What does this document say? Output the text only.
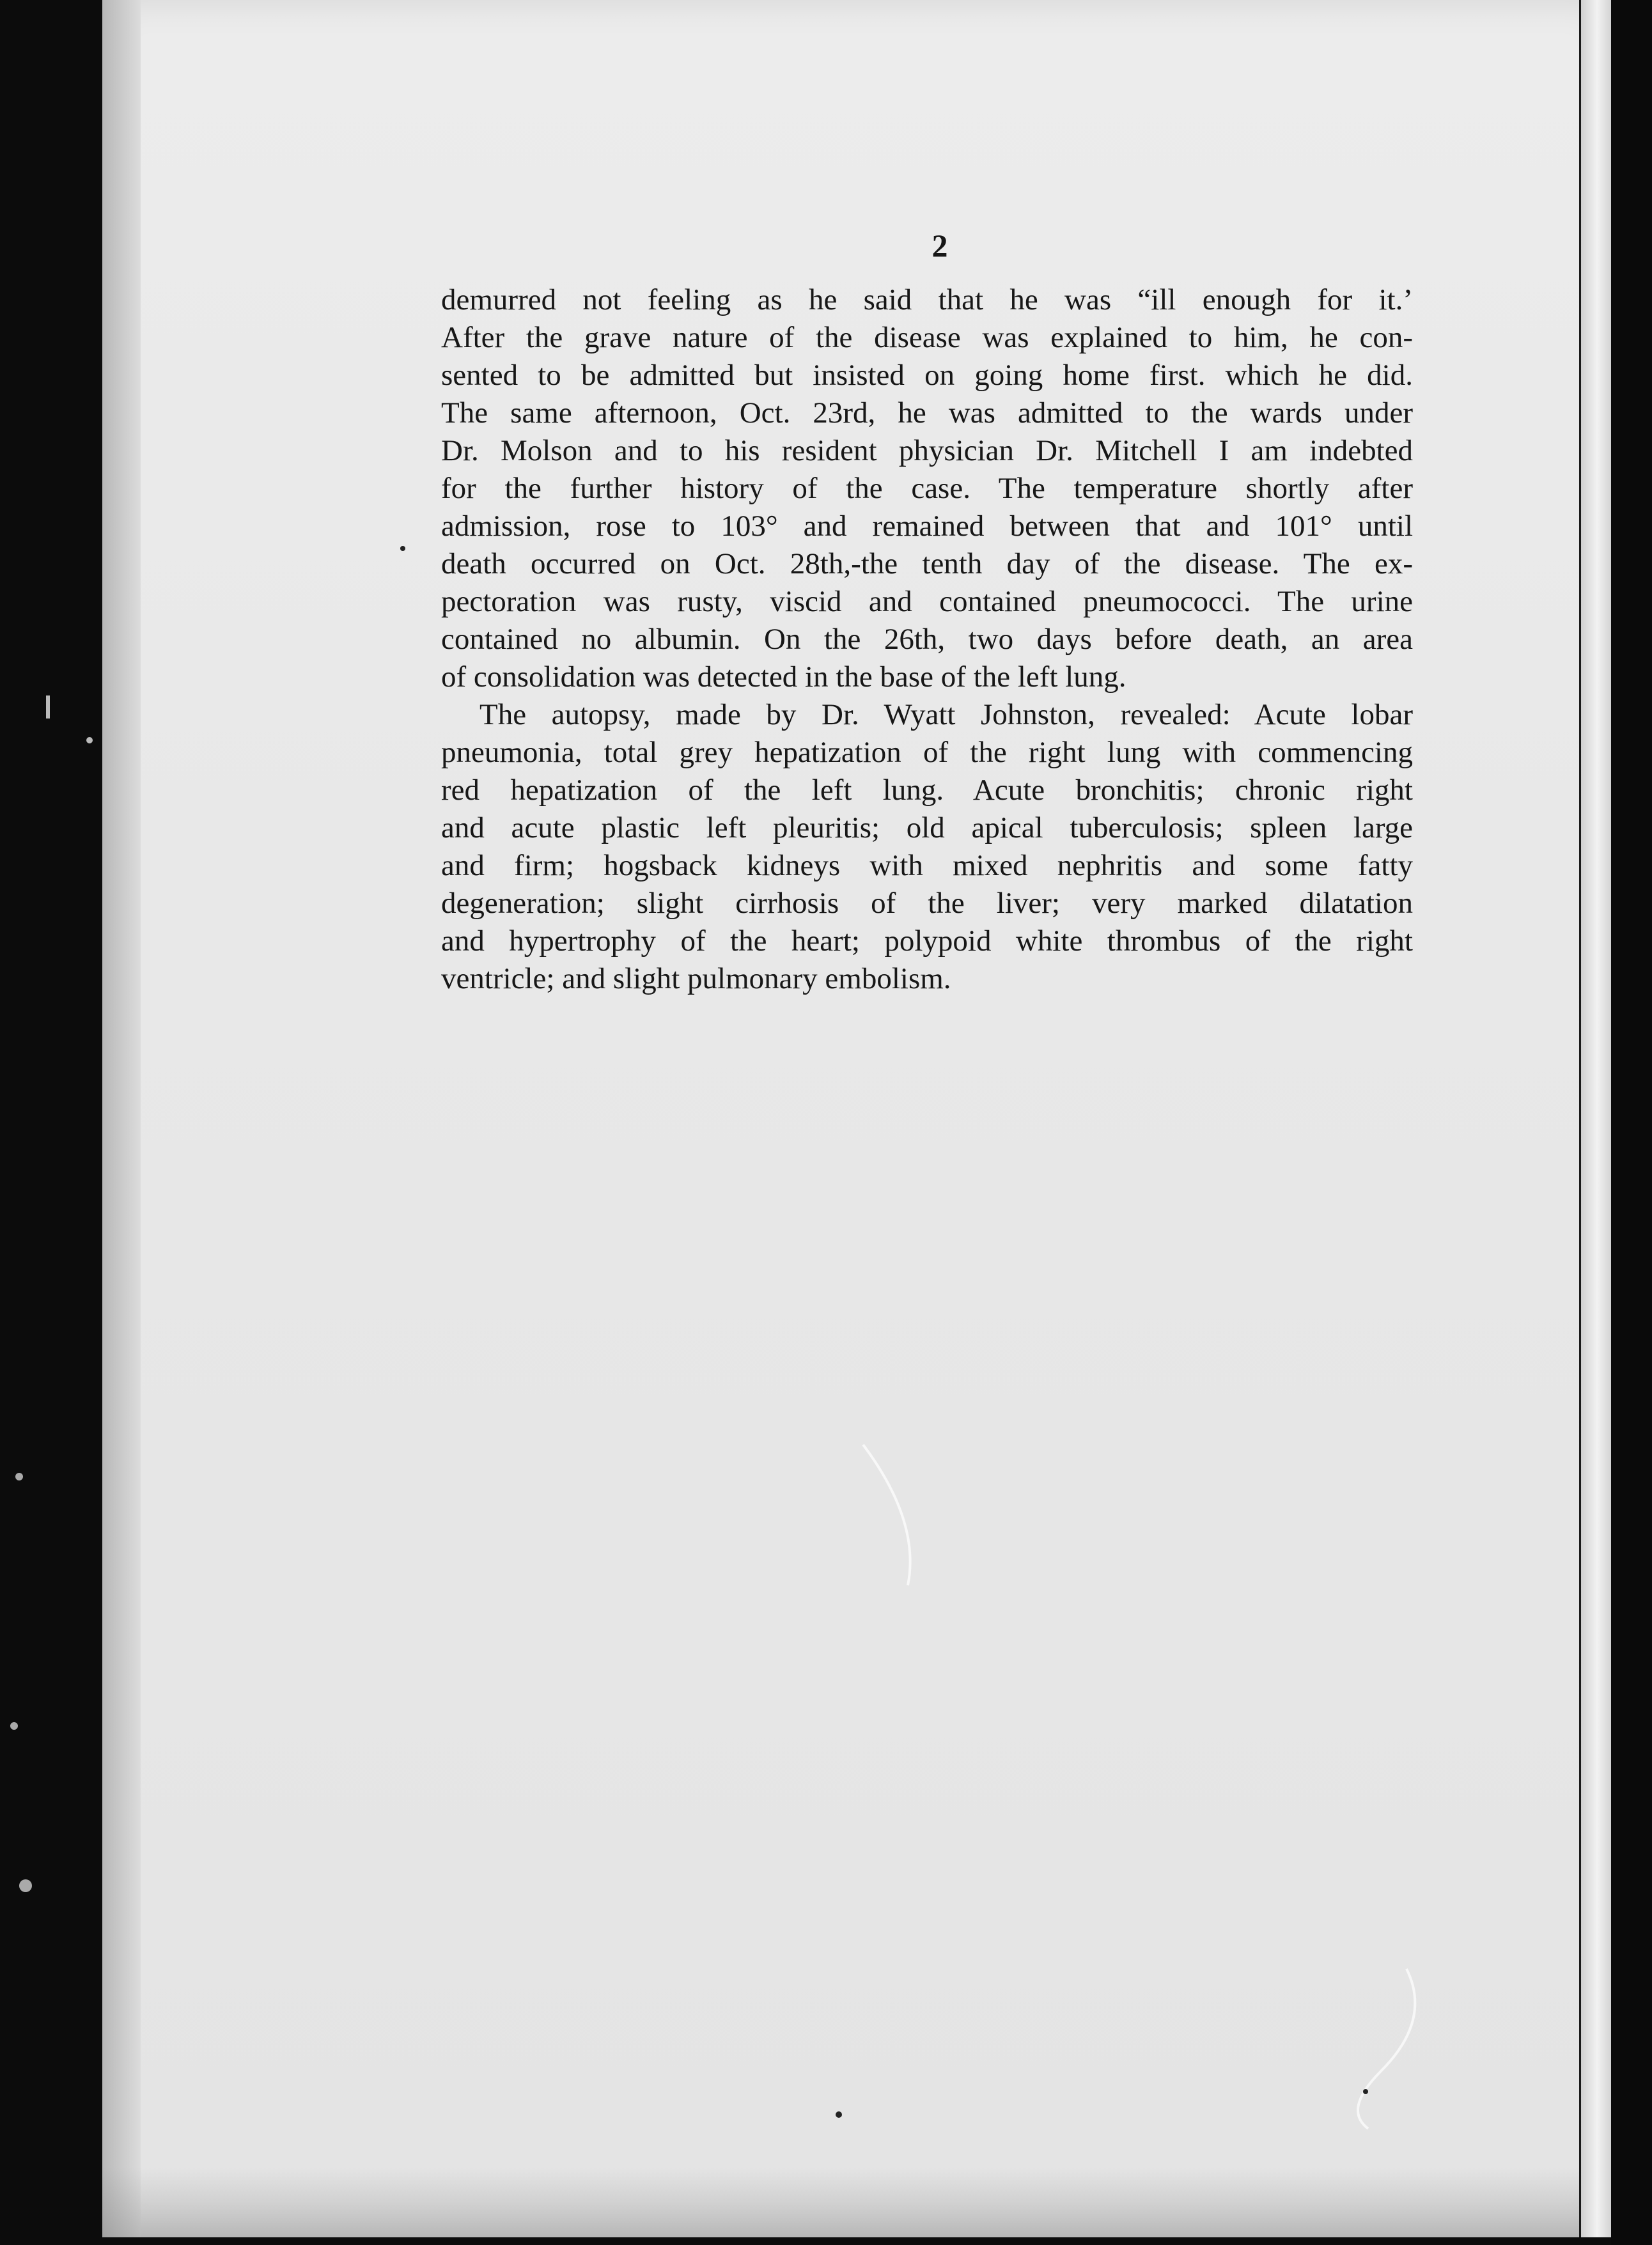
2
demurred not feeling as he said that he was “ill enough for it.’
After the grave nature of the disease was explained to him, he con-
sented to be admitted but insisted on going home first. which he did.
The same afternoon, Oct. 23rd, he was admitted to the wards under
Dr. Molson and to his resident physician Dr. Mitchell I am indebted
for the further history of the case. The temperature shortly after
admission, rose to 103° and remained between that and 101° until
death occurred on Oct. 28th,-the tenth day of the disease. The ex-
pectoration was rusty, viscid and contained pneumococci. The urine
contained no albumin. On the 26th, two days before death, an area
of consolidation was detected in the base of the left lung.
The autopsy, made by Dr. Wyatt Johnston, revealed: Acute lobar
pneumonia, total grey hepatization of the right lung with commencing
red hepatization of the left lung. Acute bronchitis; chronic right
and acute plastic left pleuritis; old apical tuberculosis; spleen large
and firm; hogsback kidneys with mixed nephritis and some fatty
degeneration; slight cirrhosis of the liver; very marked dilatation
and hypertrophy of the heart; polypoid white thrombus of the right
ventricle; and slight pulmonary embolism.
